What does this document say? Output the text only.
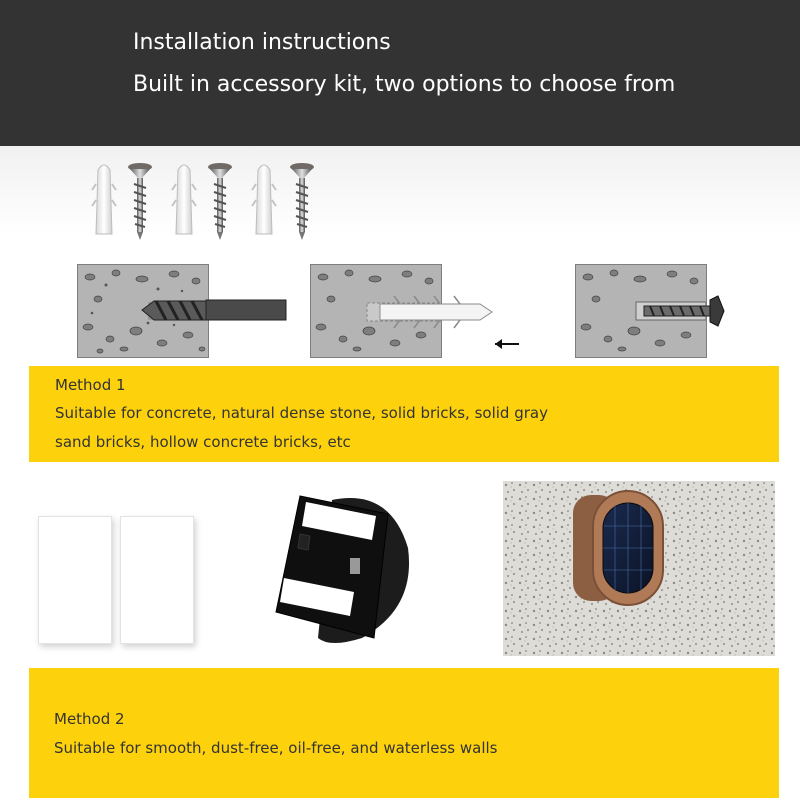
Installation instructions
Built in accessory kit, two options to choose from
Method 1
Suitable for concrete, natural dense stone, solid bricks, solid gray
sand bricks, hollow concrete bricks, etc
Method 2
Suitable for smooth, dust-free, oil-free, and waterless walls
